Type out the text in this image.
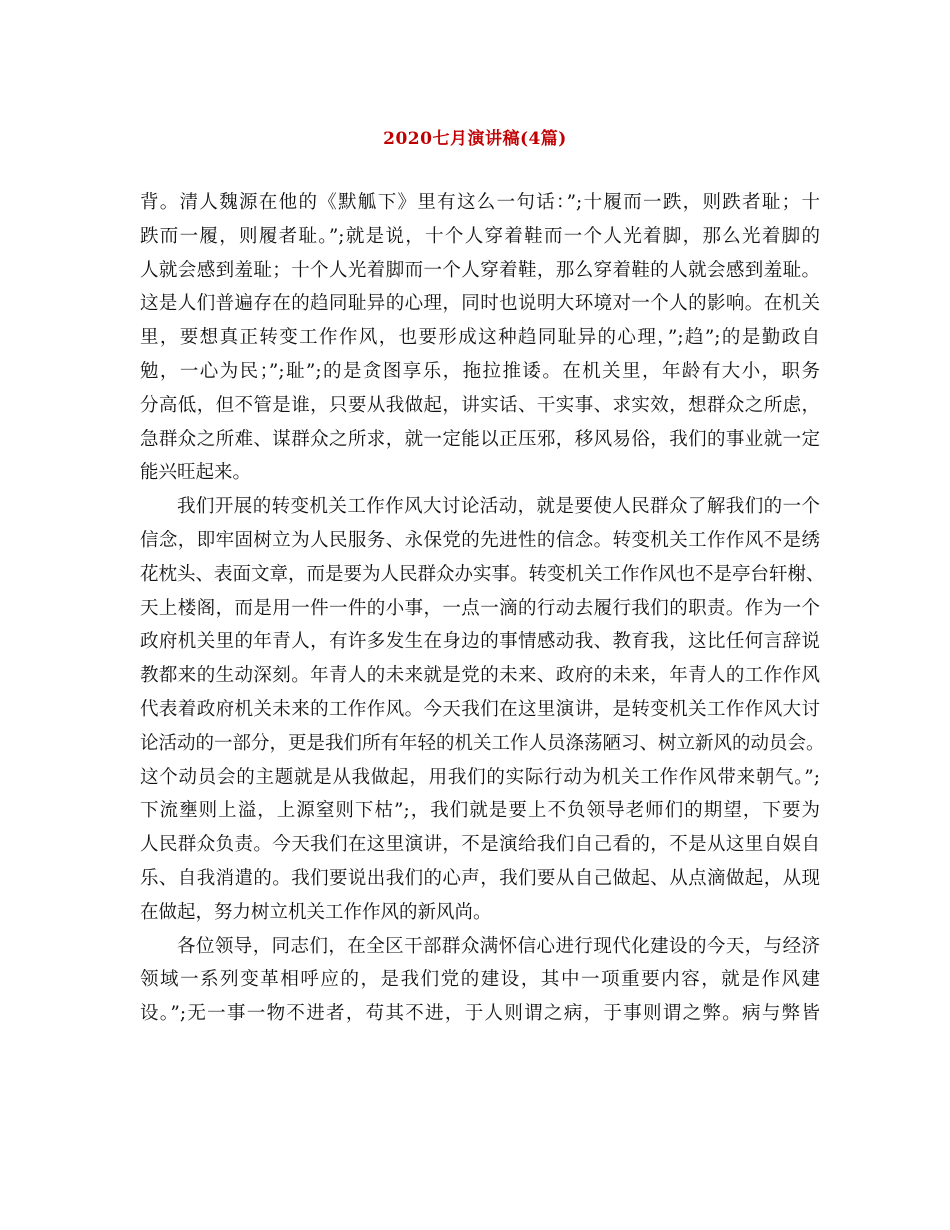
2020七月演讲稿(4篇)
背。清人魏源在他的《默觚下》里有这么一句话：”;十履而一跌，则跌者耻；十
跌而一履，则履者耻。”;就是说，十个人穿着鞋而一个人光着脚，那么光着脚的
人就会感到羞耻；十个人光着脚而一个人穿着鞋，那么穿着鞋的人就会感到羞耻。
这是人们普遍存在的趋同耻异的心理，同时也说明大环境对一个人的影响。在机关
里，要想真正转变工作作风，也要形成这种趋同耻异的心理，”;趋”;的是勤政自
勉，一心为民；”;耻”;的是贪图享乐，拖拉推诿。在机关里，年龄有大小，职务
分高低，但不管是谁，只要从我做起，讲实话、干实事、求实效，想群众之所虑，
急群众之所难、谋群众之所求，就一定能以正压邪，移风易俗，我们的事业就一定
能兴旺起来。
我们开展的转变机关工作作风大讨论活动，就是要使人民群众了解我们的一个
信念，即牢固树立为人民服务、永保党的先进性的信念。转变机关工作作风不是绣
花枕头、表面文章，而是要为人民群众办实事。转变机关工作作风也不是亭台轩榭、
天上楼阁，而是用一件一件的小事，一点一滴的行动去履行我们的职责。作为一个
政府机关里的年青人，有许多发生在身边的事情感动我、教育我，这比任何言辞说
教都来的生动深刻。年青人的未来就是党的未来、政府的未来，年青人的工作作风
代表着政府机关未来的工作作风。今天我们在这里演讲，是转变机关工作作风大讨
论活动的一部分，更是我们所有年轻的机关工作人员涤荡陋习、树立新风的动员会。
这个动员会的主题就是从我做起，用我们的实际行动为机关工作作风带来朝气。”;
下流壅则上溢，上源窒则下枯”;，我们就是要上不负领导老师们的期望，下要为
人民群众负责。今天我们在这里演讲，不是演给我们自己看的，不是从这里自娱自
乐、自我消遣的。我们要说出我们的心声，我们要从自己做起、从点滴做起，从现
在做起，努力树立机关工作作风的新风尚。
各位领导，同志们，在全区干部群众满怀信心进行现代化建设的今天，与经济
领域一系列变革相呼应的，是我们党的建设，其中一项重要内容，就是作风建
设。”;无一事一物不进者，苟其不进，于人则谓之病，于事则谓之弊。病与弊皆
